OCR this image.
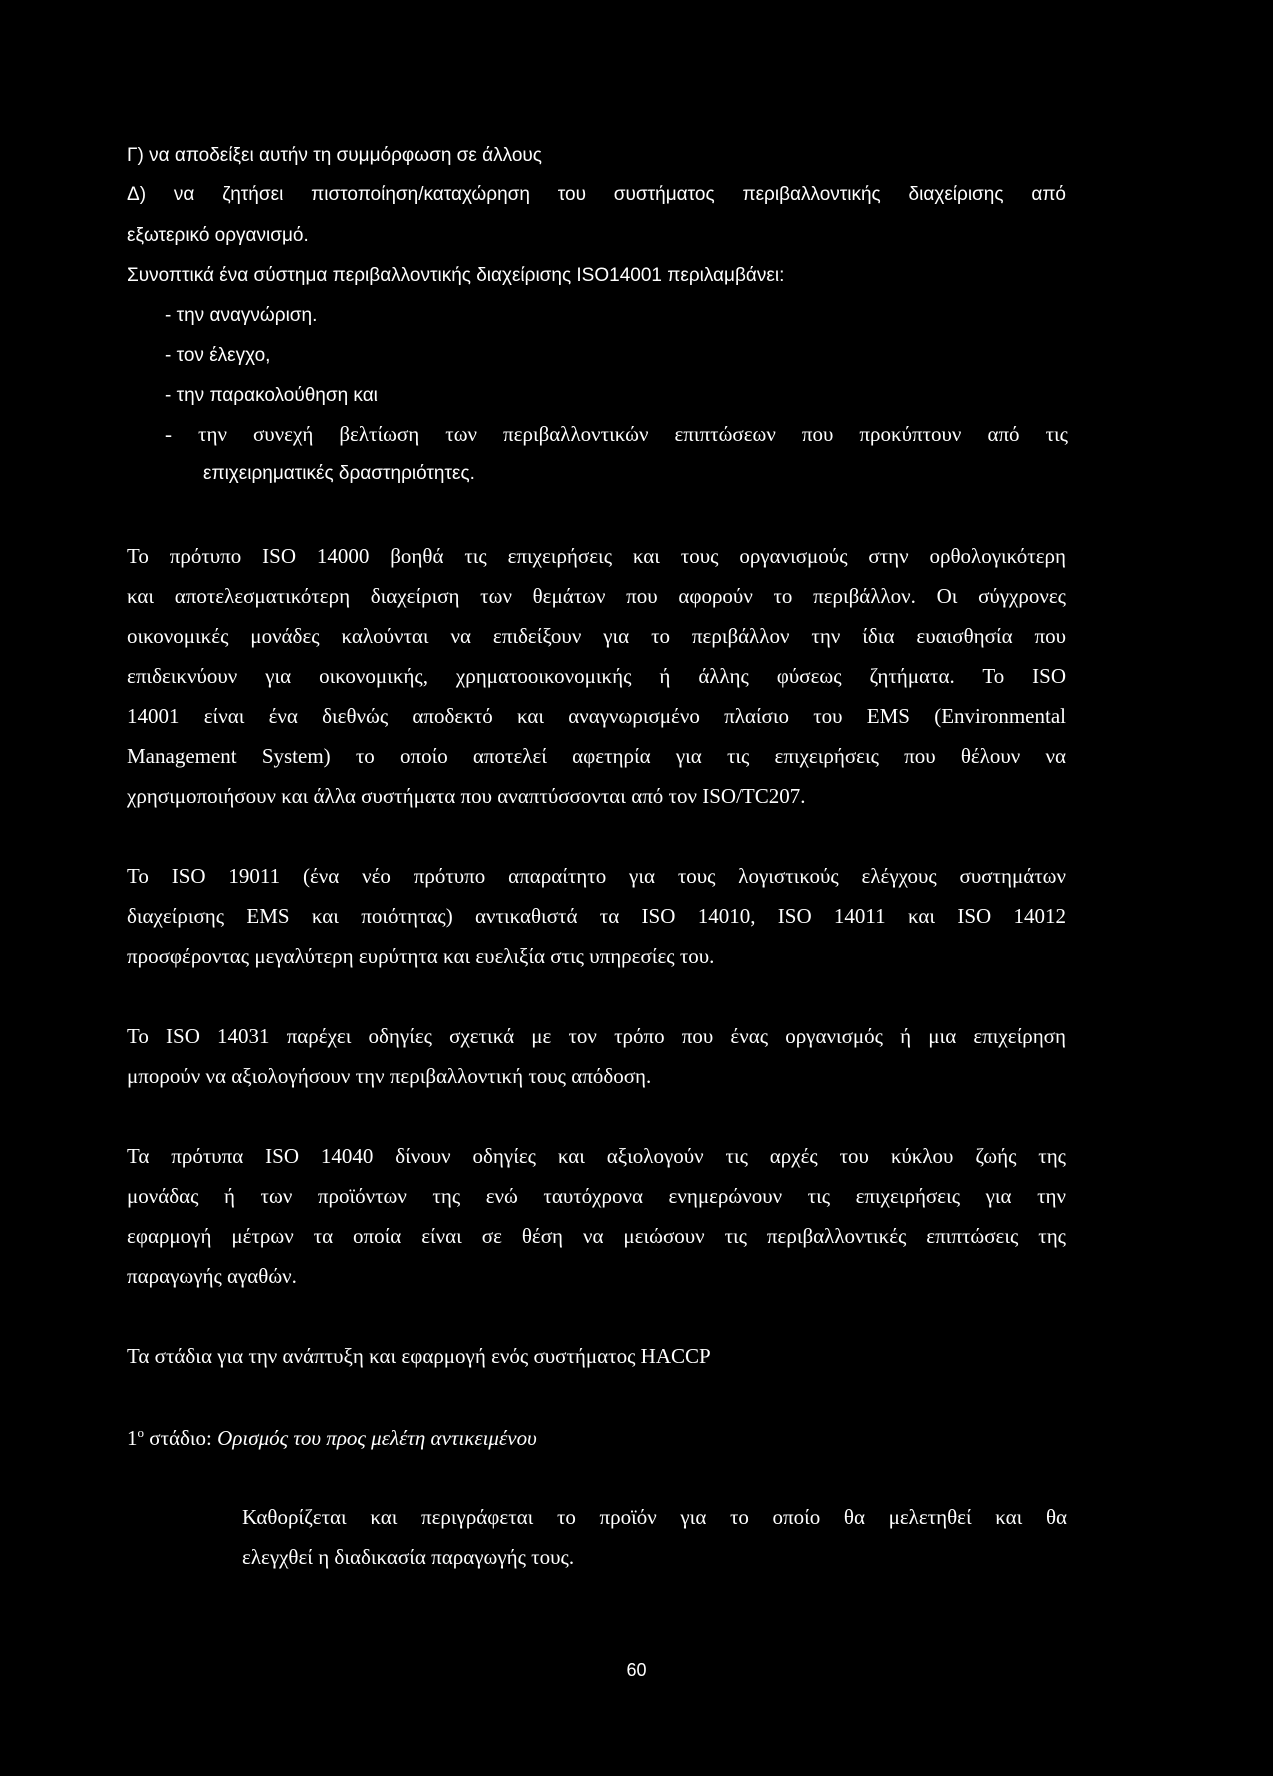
Γ) να αποδείξει αυτήν τη συμμόρφωση σε άλλους
Δ) να ζητήσει πιστοποίηση/καταχώρηση του συστήματος περιβαλλοντικής διαχείρισης από
εξωτερικό οργανισμό.
Συνοπτικά ένα σύστημα περιβαλλοντικής διαχείρισης ISO14001 περιλαμβάνει:
- την αναγνώριση.
- τον έλεγχο,
- την παρακολούθηση και
- την συνεχή βελτίωση των περιβαλλοντικών επιπτώσεων που προκύπτουν από τις
επιχειρηματικές δραστηριότητες.
Το πρότυπο ISO 14000 βοηθά τις επιχειρήσεις και τους οργανισμούς στην ορθολογικότερη
και αποτελεσματικότερη διαχείριση των θεμάτων που αφορούν το περιβάλλον. Οι σύγχρονες
οικονομικές μονάδες καλούνται να επιδείξουν για το περιβάλλον την ίδια ευαισθησία που
επιδεικνύουν για οικονομικής, χρηματοοικονομικής ή άλλης φύσεως ζητήματα. Το ISO
14001 είναι ένα διεθνώς αποδεκτό και αναγνωρισμένο πλαίσιο του EMS (Environmental
Management System) το οποίο αποτελεί αφετηρία για τις επιχειρήσεις που θέλουν να
χρησιμοποιήσουν και άλλα συστήματα που αναπτύσσονται από τον ISO/TC207.
Το ISO 19011 (ένα νέο πρότυπο απαραίτητο για τους λογιστικούς ελέγχους συστημάτων
διαχείρισης EMS και ποιότητας) αντικαθιστά τα ISO 14010, ISO 14011 και ISO 14012
προσφέροντας μεγαλύτερη ευρύτητα και ευελιξία στις υπηρεσίες του.
Το ISO 14031 παρέχει οδηγίες σχετικά με τον τρόπο που ένας οργανισμός ή μια επιχείρηση
μπορούν να αξιολογήσουν την περιβαλλοντική τους απόδοση.
Τα πρότυπα ISO 14040 δίνουν οδηγίες και αξιολογούν τις αρχές του κύκλου ζωής της
μονάδας ή των προϊόντων της ενώ ταυτόχρονα ενημερώνουν τις επιχειρήσεις για την
εφαρμογή μέτρων τα οποία είναι σε θέση να μειώσουν τις περιβαλλοντικές επιπτώσεις της
παραγωγής αγαθών.
Τα στάδια για την ανάπτυξη και εφαρμογή ενός συστήματος HACCP
$1^o$ στάδιο: Ορισμός του προς μελέτη αντικειμένου
Καθορίζεται και περιγράφεται το προϊόν για το οποίο θα μελετηθεί και θα
ελεγχθεί η διαδικασία παραγωγής τους.
60
